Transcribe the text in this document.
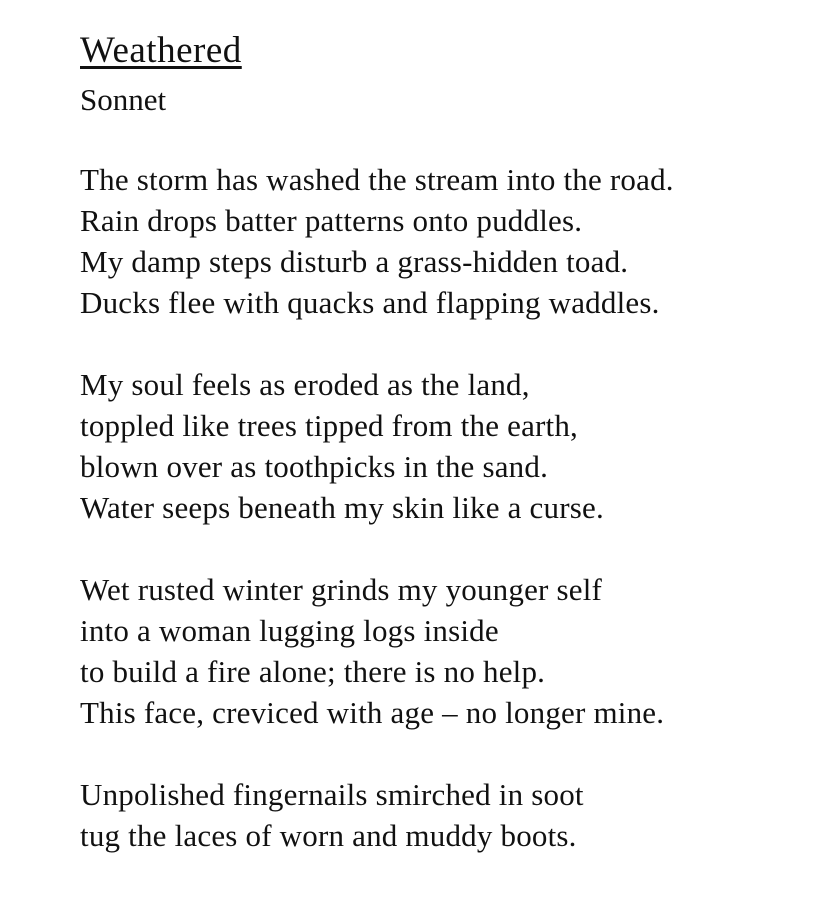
Weathered
Sonnet
The storm has washed the stream into the road.
Rain drops batter patterns onto puddles.
My damp steps disturb a grass-hidden toad.
Ducks flee with quacks and flapping waddles.
My soul feels as eroded as the land,
toppled like trees tipped from the earth,
blown over as toothpicks in the sand.
Water seeps beneath my skin like a curse.
Wet rusted winter grinds my younger self
into a woman lugging logs inside
to build a fire alone; there is no help.
This face, creviced with age – no longer mine.
Unpolished fingernails smirched in soot
tug the laces of worn and muddy boots.
